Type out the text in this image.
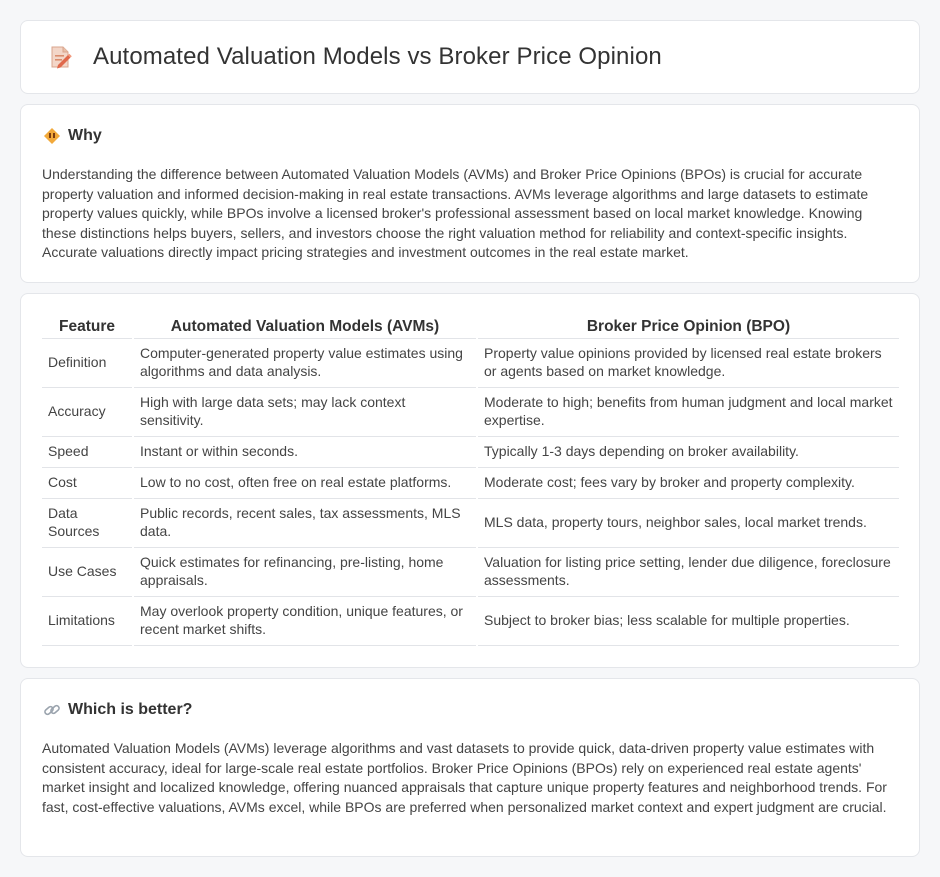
Automated Valuation Models vs Broker Price Opinion
Why

Understanding the difference between Automated Valuation Models (AVMs) and Broker Price Opinions (BPOs) is crucial for accurate property valuation and informed decision-making in real estate transactions. AVMs leverage algorithms and large datasets to estimate property values quickly, while BPOs involve a licensed broker's professional assessment based on local market knowledge. Knowing these distinctions helps buyers, sellers, and investors choose the right valuation method for reliability and context-specific insights. Accurate valuations directly impact pricing strategies and investment outcomes in the real estate market.

Feature	Automated Valuation Models (AVMs)	Broker Price Opinion (BPO)
Definition	Computer-generated property value estimates using algorithms and data analysis.	Property value opinions provided by licensed real estate brokers or agents based on market knowledge.
Accuracy	High with large data sets; may lack context sensitivity.	Moderate to high; benefits from human judgment and local market expertise.
Speed	Instant or within seconds.	Typically 1-3 days depending on broker availability.
Cost	Low to no cost, often free on real estate platforms.	Moderate cost; fees vary by broker and property complexity.
Data Sources	Public records, recent sales, tax assessments, MLS data.	MLS data, property tours, neighbor sales, local market trends.
Use Cases	Quick estimates for refinancing, pre-listing, home appraisals.	Valuation for listing price setting, lender due diligence, foreclosure assessments.
Limitations	May overlook property condition, unique features, or recent market shifts.	Subject to broker bias; less scalable for multiple properties.
Which is better?

Automated Valuation Models (AVMs) leverage algorithms and vast datasets to provide quick, data-driven property value estimates with consistent accuracy, ideal for large-scale real estate portfolios. Broker Price Opinions (BPOs) rely on experienced real estate agents' market insight and localized knowledge, offering nuanced appraisals that capture unique property features and neighborhood trends. For fast, cost-effective valuations, AVMs excel, while BPOs are preferred when personalized market context and expert judgment are crucial.
